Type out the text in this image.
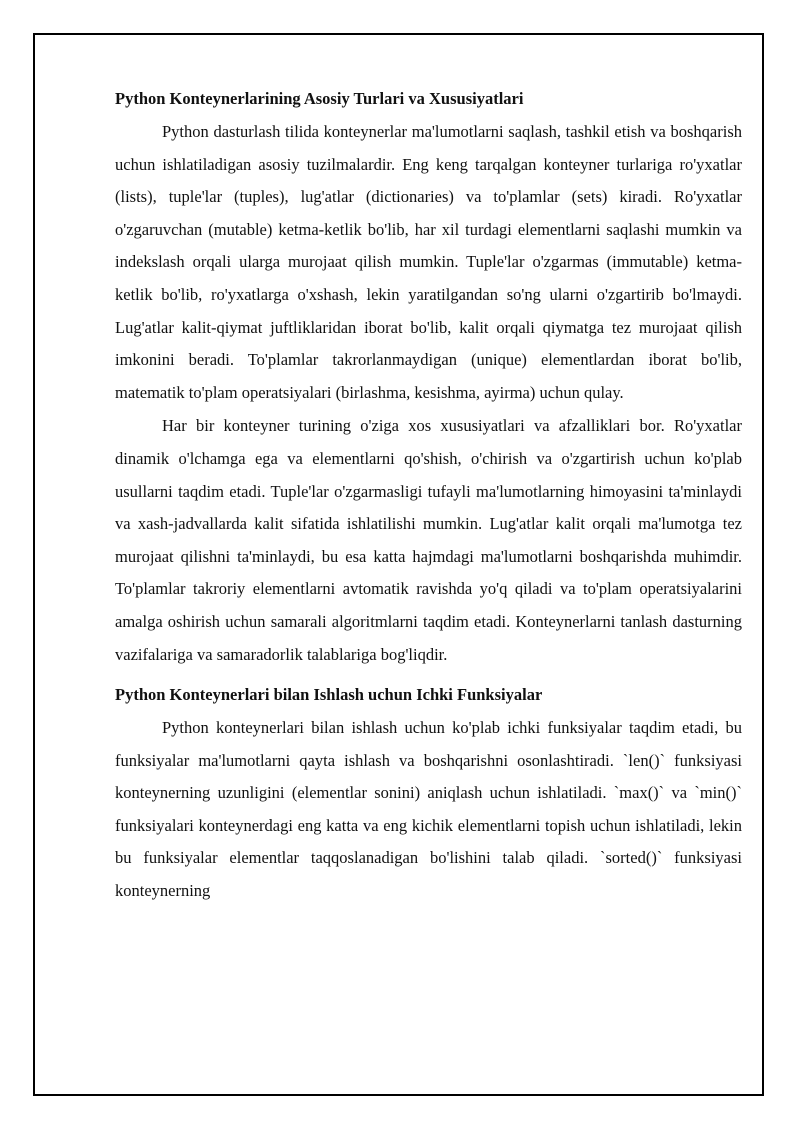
Python Konteynerlarining Asosiy Turlari va Xususiyatlari

Python dasturlash tilida konteynerlar ma'lumotlarni saqlash, tashkil etish va boshqarish uchun ishlatiladigan asosiy tuzilmalardir. Eng keng tarqalgan konteyner turlariga ro'yxatlar (lists), tuple'lar (tuples), lug'atlar (dictionaries) va to'plamlar (sets) kiradi. Ro'yxatlar o'zgaruvchan (mutable) ketma-ketlik bo'lib, har xil turdagi elementlarni saqlashi mumkin va indekslash orqali ularga murojaat qilish mumkin. Tuple'lar o'zgarmas (immutable) ketma-ketlik bo'lib, ro'yxatlarga o'xshash, lekin yaratilgandan so'ng ularni o'zgartirib bo'lmaydi. Lug'atlar kalit-qiymat juftliklaridan iborat bo'lib, kalit orqali qiymatga tez murojaat qilish imkonini beradi. To'plamlar takrorlanmaydigan (unique) elementlardan iborat bo'lib, matematik to'plam operatsiyalari (birlashma, kesishma, ayirma) uchun qulay.

Har bir konteyner turining o'ziga xos xususiyatlari va afzalliklari bor. Ro'yxatlar dinamik o'lchamga ega va elementlarni qo'shish, o'chirish va o'zgartirish uchun ko'plab usullarni taqdim etadi. Tuple'lar o'zgarmasligi tufayli ma'lumotlarning himoyasini ta'minlaydi va xash-jadvallarda kalit sifatida ishlatilishi mumkin. Lug'atlar kalit orqali ma'lumotga tez murojaat qilishni ta'minlaydi, bu esa katta hajmdagi ma'lumotlarni boshqarishda muhimdir. To'plamlar takroriy elementlarni avtomatik ravishda yo'q qiladi va to'plam operatsiyalarini amalga oshirish uchun samarali algoritmlarni taqdim etadi. Konteynerlarni tanlash dasturning vazifalariga va samaradorlik talablariga bog'liqdir.

Python Konteynerlari bilan Ishlash uchun Ichki Funksiyalar

Python konteynerlari bilan ishlash uchun ko'plab ichki funksiyalar taqdim etadi, bu funksiyalar ma'lumotlarni qayta ishlash va boshqarishni osonlashtiradi. `len()` funksiyasi konteynerning uzunligini (elementlar sonini) aniqlash uchun ishlatiladi. `max()` va `min()` funksiyalari konteynerdagi eng katta va eng kichik elementlarni topish uchun ishlatiladi, lekin bu funksiyalar elementlar taqqoslanadigan bo'lishini talab qiladi. `sorted()` funksiyasi konteynerning
